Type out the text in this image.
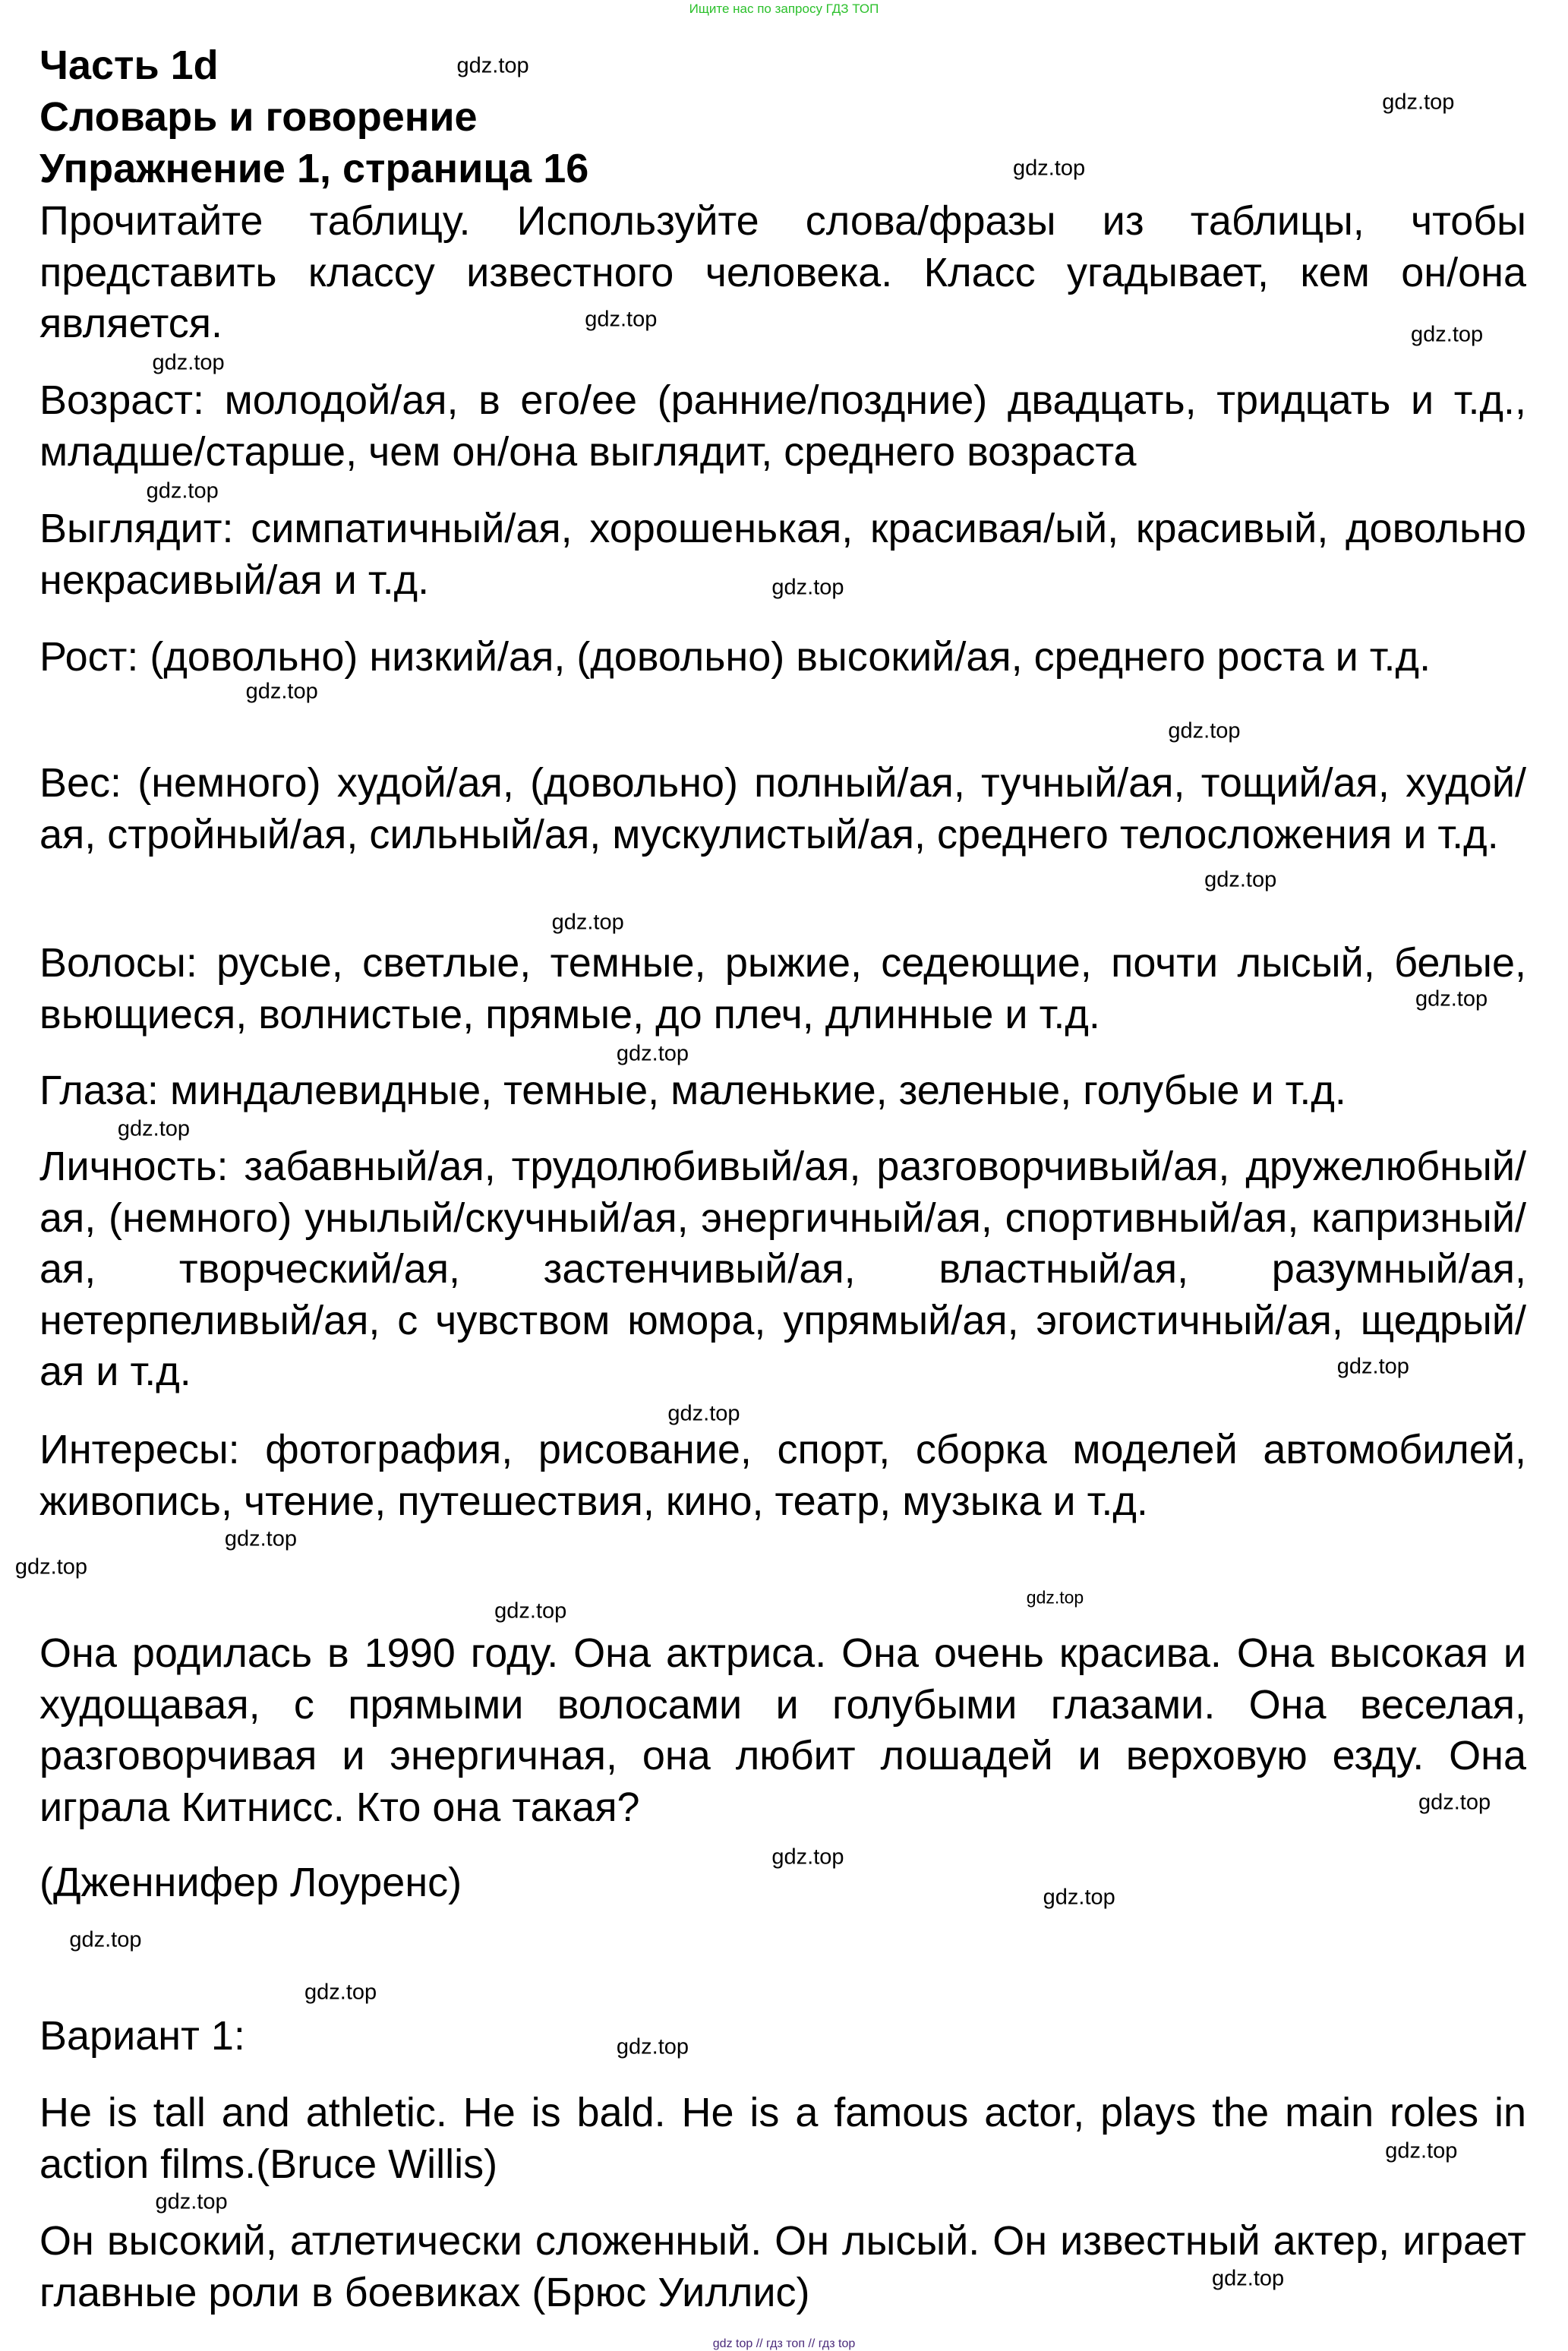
Ищите нас по запросу ГДЗ ТОП
Часть 1d
Словарь и говорение
Упражнение 1, страница 16
Прочитайте таблицу. Используйте слова/фразы из таблицы, чтобы представить классу известного человека. Класс угадывает, кем он/она является.
Возраст: молодой/ая, в его/ее (ранние/поздние) двадцать, тридцать и т.д., младше/старше, чем он/она выглядит, среднего возраста
Выглядит: симпатичный/ая, хорошенькая, красивая/ый, красивый, довольно некрасивый/ая и т.д.
Рост: (довольно) низкий/ая, (довольно) высокий/ая, среднего роста и т.д.
Вес: (немного) худой/ая, (довольно) полный/ая, тучный/ая, тощий/ая, худой/ая, стройный/ая, сильный/ая, мускулистый/ая, среднего телосложения и т.д.
Волосы: русые, светлые, темные, рыжие, седеющие, почти лысый, белые, вьющиеся, волнистые, прямые, до плеч, длинные и т.д.
Глаза: миндалевидные, темные, маленькие, зеленые, голубые и т.д.
Личность: забавный/ая, трудолюбивый/ая, разговорчивый/ая, дружелюбный/ая, (немного) унылый/скучный/ая, энергичный/ая, спортивный/ая, капризный/ая, творческий/ая, застенчивый/ая, властный/ая, разумный/ая, нетерпеливый/ая, с чувством юмора, упрямый/ая, эгоистичный/ая, щедрый/ая и т.д.
Интересы: фотография, рисование, спорт, сборка моделей автомобилей, живопись, чтение, путешествия, кино, театр, музыка и т.д.
Она родилась в 1990 году. Она актриса. Она очень красива. Она высокая и худощавая, с прямыми волосами и голубыми глазами. Она веселая, разговорчивая и энергичная, она любит лошадей и верховую езду. Она играла Китнисс. Кто она такая?
(Дженнифер Лоуренс)
Вариант 1:
He is tall and athletic. He is bald. He is a famous actor, plays the main roles in action films.(Bruce Willis)
Он высокий, атлетически сложенный. Он лысый. Он известный актер, играет главные роли в боевиках (Брюс Уиллис)
gdz.top
gdz.top
gdz.top
gdz.top
gdz.top
gdz.top
gdz.top
gdz.top
gdz.top
gdz.top
gdz.top
gdz.top
gdz.top
gdz.top
gdz.top
gdz.top
gdz.top
gdz.top
gdz.top
gdz.top
gdz.top
gdz.top
gdz.top
gdz.top
gdz.top
gdz.top
gdz.top
gdz.top
gdz.top
gdz.top
gdz top // гдз топ // гдз top
